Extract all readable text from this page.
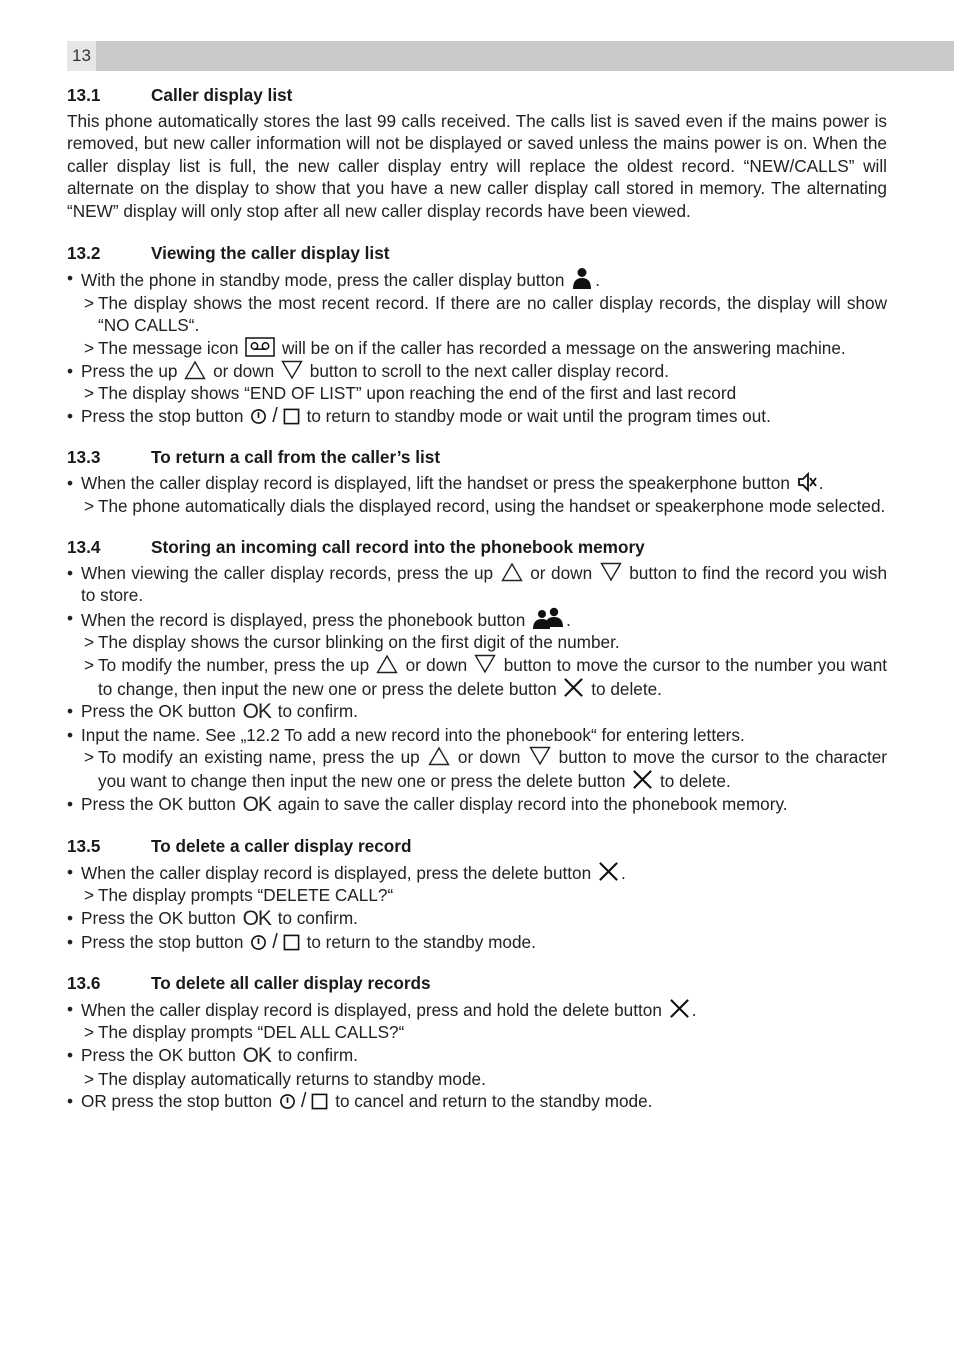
13
13.1	Caller display list
This phone automatically stores the last 99 calls received. The calls list is saved even if the mains power is removed, but new caller information will not be displayed or saved unless the mains power is on. When the caller display list is full, the new caller display entry will replace the oldest record. “NEW/CALLS” will alternate on the display to show that you have a new caller display call stored in memory. The alternating “NEW” display will only stop after all new caller display records have been viewed.
13.2	Viewing the caller display list
• With the phone in standby mode, press the caller display button .
> The display shows the most recent record. If there are no caller display records, the display will show “NO CALLS“.
> The message icon	will be on if the caller has recorded a message on the answering machine.
• Press the up or down button to scroll to the next caller display record.
> The display shows “END OF LIST” upon reaching the end of the first and last record
• Press the stop button / to return to standby mode or wait until the program times out.
13.3	To return a call from the caller’s list
• When the caller display record is displayed, lift the handset or press the speakerphone button .
> The phone automatically dials the displayed record, using the handset or speakerphone mode selected.
13.4	Storing an incoming call record into the phonebook memory
• When viewing the caller display records, press the up or down button to find the record you wish to store.
• When the record is displayed, press the phonebook button .
> The display shows the cursor blinking on the first digit of the number.
> To modify the number, press the up or down button to move the cursor to the number you want to change, then input the new one or press the delete button to delete.
• Press the OK button OK to confirm.
• Input the name. See „12.2 To add a new record into the phonebook“ for entering letters.
> To modify an existing name, press the up or down button to move the cursor to the character you want to change then input the new one or press the delete button to delete.
• Press the OK button OK again to save the caller display record into the phonebook memory.
13.5	To delete a caller display record
• When the caller display record is displayed, press the delete button .
> The display prompts “DELETE CALL?“
• Press the OK button OK to confirm.
• Press the stop button / to return to the standby mode.
13.6	To delete all caller display records
• When the caller display record is displayed, press and hold the delete button .
> The display prompts “DEL ALL CALLS?“
• Press the OK button OK to confirm.
> The display automatically returns to standby mode.
• OR press the stop button / to cancel and return to the standby mode.
